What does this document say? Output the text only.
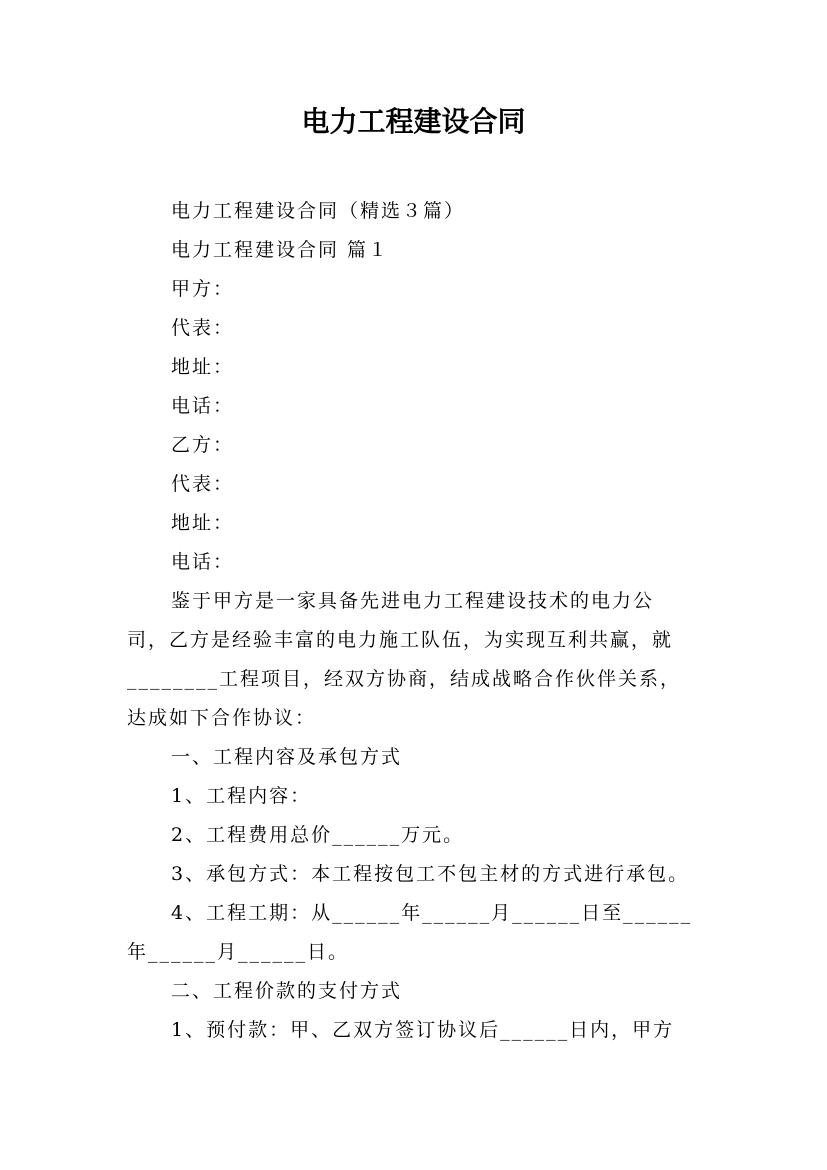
电力工程建设合同
电力工程建设合同（精选３篇）
电力工程建设合同 篇１
甲方：
代表：
地址：
电话：
乙方：
代表：
地址：
电话：
鉴于甲方是一家具备先进电力工程建设技术的电力公
司，乙方是经验丰富的电力施工队伍，为实现互利共赢，就
________工程项目，经双方协商，结成战略合作伙伴关系，
达成如下合作协议：
一、工程内容及承包方式
1、工程内容：
2、工程费用总价______万元。
3、承包方式：本工程按包工不包主材的方式进行承包。
4、工程工期：从______年______月______日至______
年______月______日。
二、工程价款的支付方式
1、预付款：甲、乙双方签订协议后______日内，甲方
